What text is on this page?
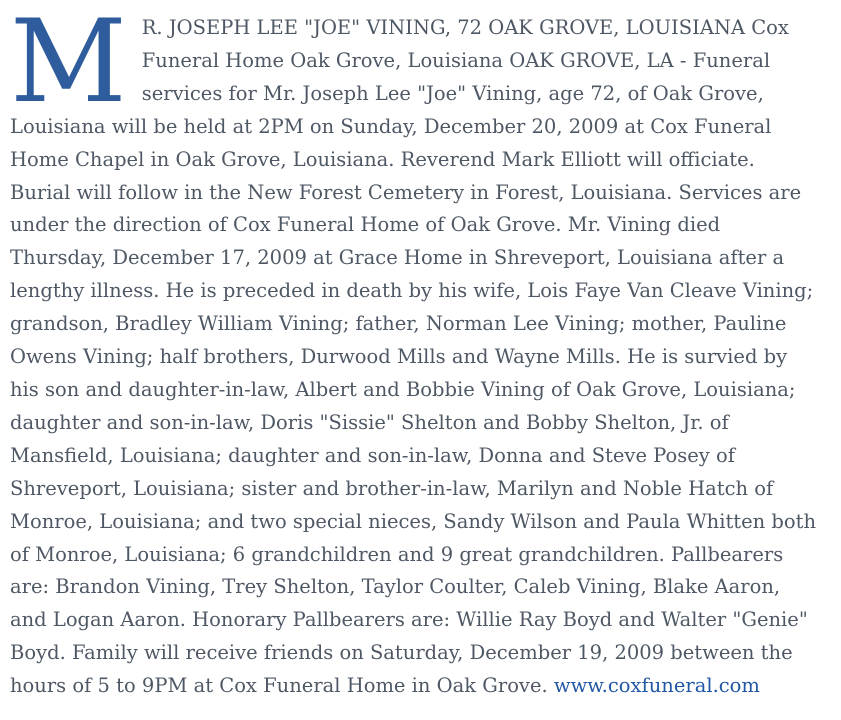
M R. JOSEPH LEE "JOE" VINING, 72 OAK GROVE, LOUISIANA Cox Funeral Home Oak Grove, Louisiana OAK GROVE, LA - Funeral services for Mr. Joseph Lee "Joe" Vining, age 72, of Oak Grove, Louisiana will be held at 2PM on Sunday, December 20, 2009 at Cox Funeral Home Chapel in Oak Grove, Louisiana. Reverend Mark Elliott will officiate. Burial will follow in the New Forest Cemetery in Forest, Louisiana. Services are under the direction of Cox Funeral Home of Oak Grove. Mr. Vining died Thursday, December 17, 2009 at Grace Home in Shreveport, Louisiana after a lengthy illness. He is preceded in death by his wife, Lois Faye Van Cleave Vining; grandson, Bradley William Vining; father, Norman Lee Vining; mother, Pauline Owens Vining; half brothers, Durwood Mills and Wayne Mills. He is survied by his son and daughter-in-law, Albert and Bobbie Vining of Oak Grove, Louisiana; daughter and son-in-law, Doris "Sissie" Shelton and Bobby Shelton, Jr. of Mansfield, Louisiana; daughter and son-in-law, Donna and Steve Posey of Shreveport, Louisiana; sister and brother-in-law, Marilyn and Noble Hatch of Monroe, Louisiana; and two special nieces, Sandy Wilson and Paula Whitten both of Monroe, Louisiana; 6 grandchildren and 9 great grandchildren. Pallbearers are: Brandon Vining, Trey Shelton, Taylor Coulter, Caleb Vining, Blake Aaron, and Logan Aaron. Honorary Pallbearers are: Willie Ray Boyd and Walter "Genie" Boyd. Family will receive friends on Saturday, December 19, 2009 between the hours of 5 to 9PM at Cox Funeral Home in Oak Grove. www.coxfuneral.com
